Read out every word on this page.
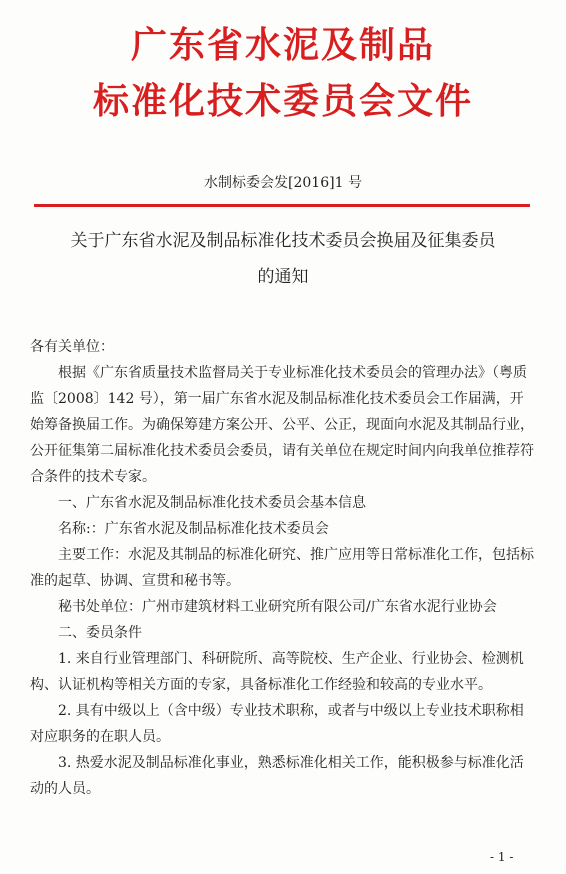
广东省水泥及制品
标准化技术委员会文件
水制标委会发[2016]1 号
关于广东省水泥及制品标准化技术委员会换届及征集委员
的通知

各有关单位：

根据《广东省质量技术监督局关于专业标准化技术委员会的管理办法》（粤质监〔2008〕142 号），第一届广东省水泥及制品标准化技术委员会工作届满，开始筹备换届工作。为确保筹建方案公开、公平、公正，现面向水泥及其制品行业，公开征集第二届标准化技术委员会委员，请有关单位在规定时间内向我单位推荐符合条件的技术专家。

一、广东省水泥及制品标准化技术委员会基本信息

名称:：广东省水泥及制品标准化技术委员会

主要工作：水泥及其制品的标准化研究、推广应用等日常标准化工作，包括标准的起草、协调、宣贯和秘书等。

秘书处单位：广州市建筑材料工业研究所有限公司/广东省水泥行业协会

二、委员条件

1. 来自行业管理部门、科研院所、高等院校、生产企业、行业协会、检测机构、认证机构等相关方面的专家，具备标准化工作经验和较高的专业水平。

2. 具有中级以上（含中级）专业技术职称，或者与中级以上专业技术职称相对应职务的在职人员。

3. 热爱水泥及制品标准化事业，熟悉标准化相关工作，能积极参与标准化活动的人员。

- 1 -
